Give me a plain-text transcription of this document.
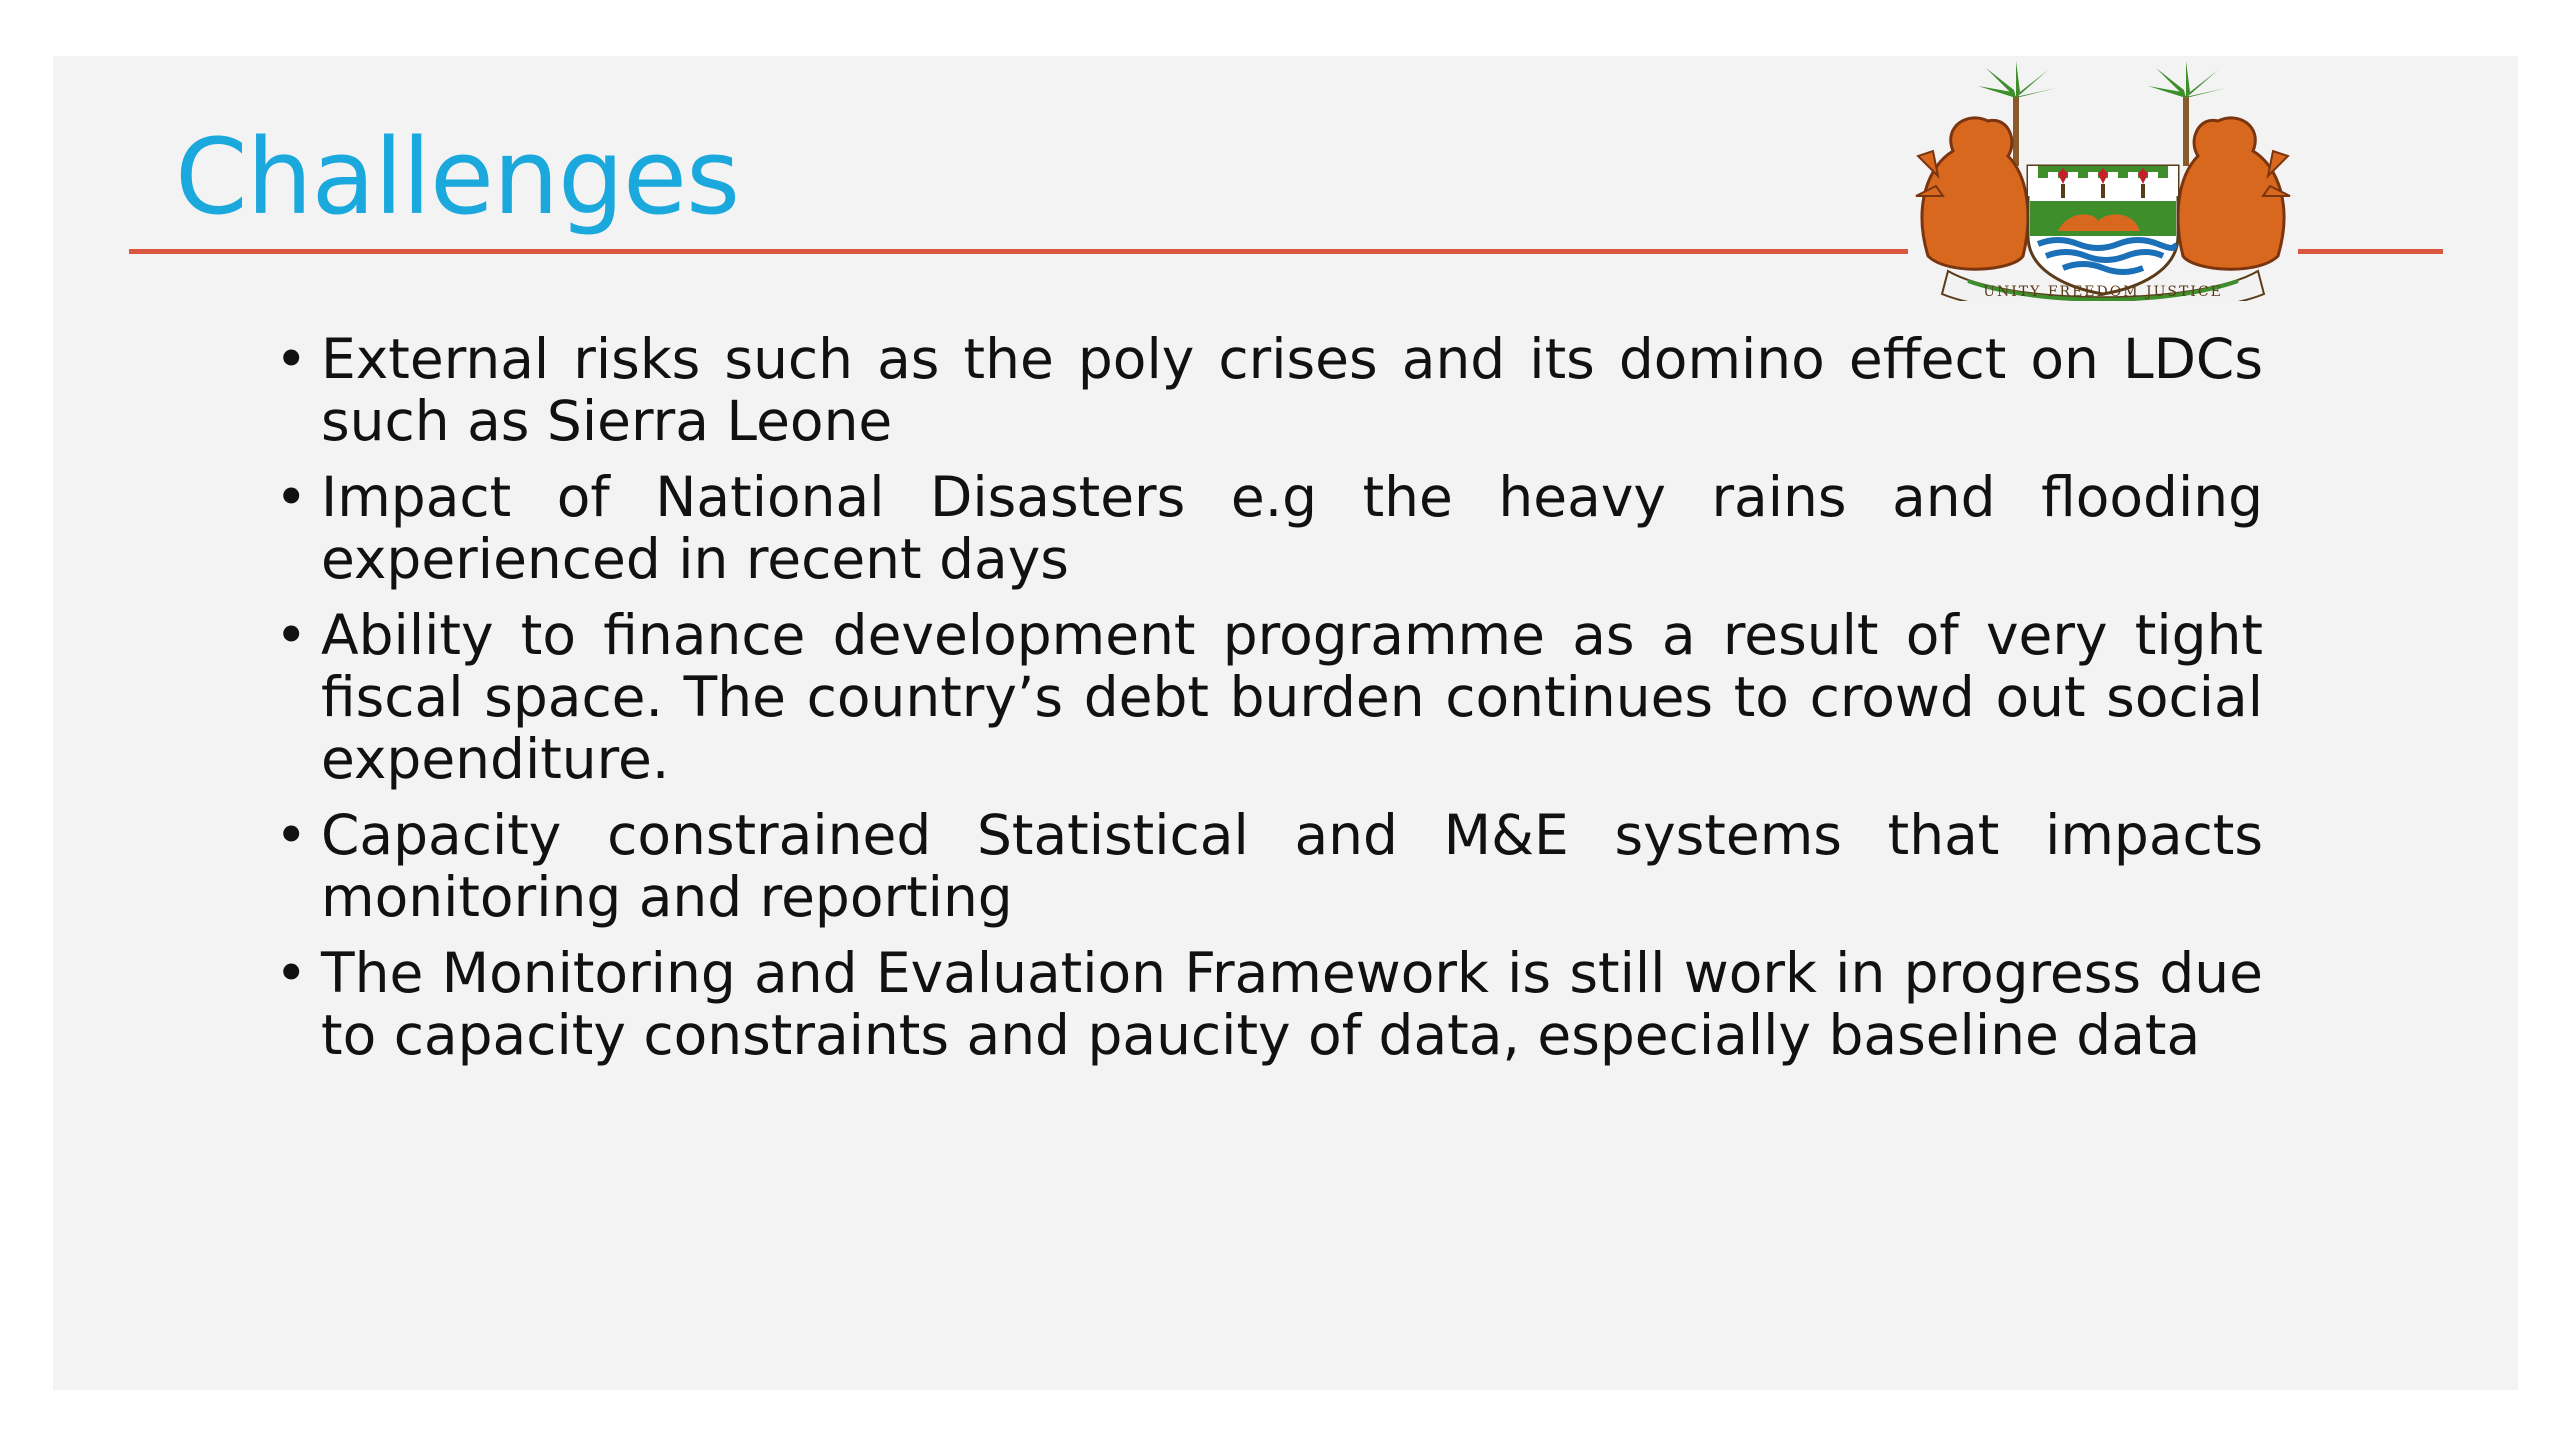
Challenges
UNITY FREEDOM JUSTICE
• External risks such as the poly crises and its domino effect on LDCs such as Sierra Leone
• Impact of National Disasters e.g the heavy rains and flooding experienced in recent days
• Ability to finance development programme as a result of very tight fiscal space. The country’s debt burden continues to crowd out social expenditure.
• Capacity constrained Statistical and M&E systems that impacts monitoring and reporting
• The Monitoring and Evaluation Framework is still work in progress due to capacity constraints and paucity of data, especially baseline data
